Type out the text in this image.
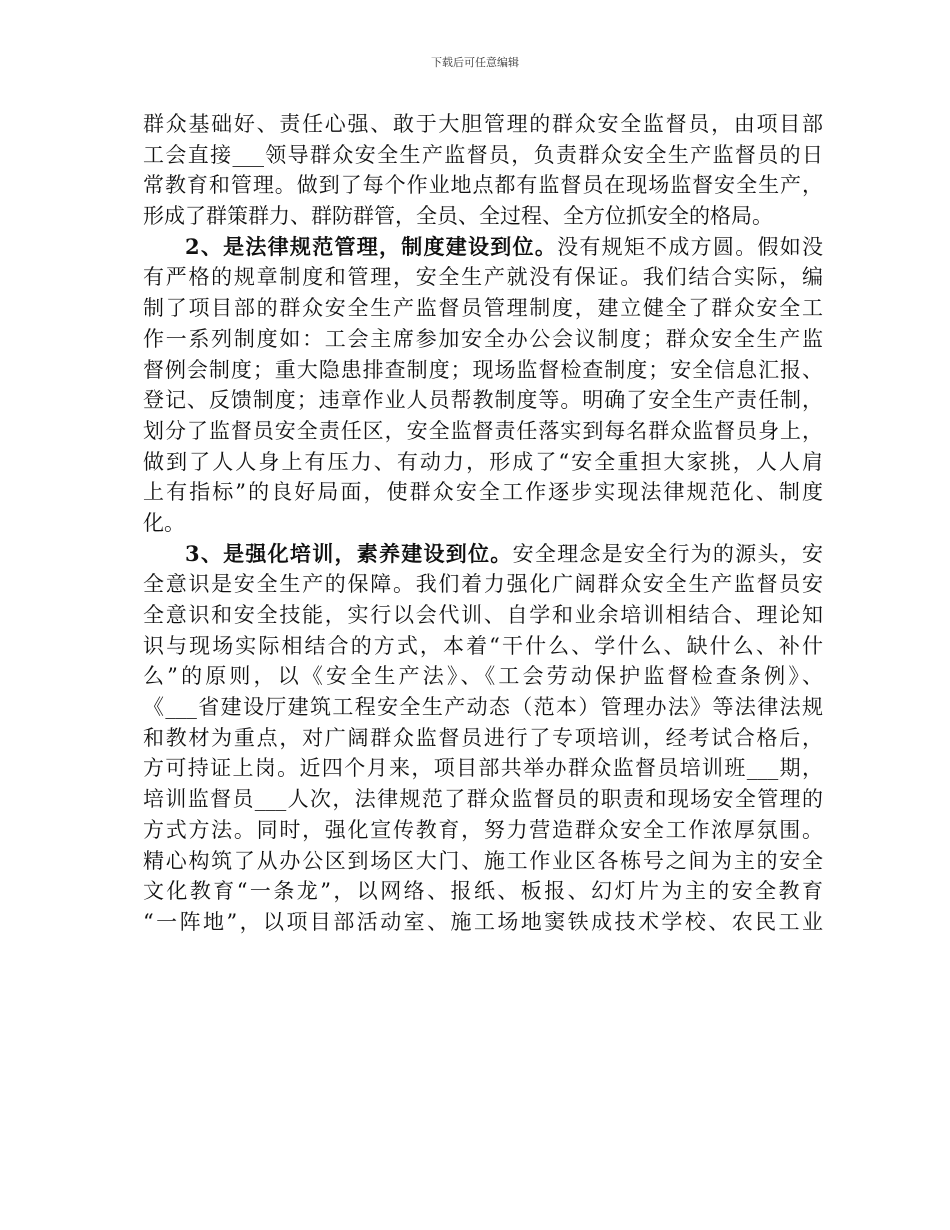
下载后可任意编辑
群众基础好、责任心强、敢于大胆管理的群众安全监督员，由项目部
工会直接___领导群众安全生产监督员，负责群众安全生产监督员的日
常教育和管理。做到了每个作业地点都有监督员在现场监督安全生产，
形成了群策群力、群防群管，全员、全过程、全方位抓安全的格局。
2、是法律规范管理，制度建设到位。没有规矩不成方圆。假如没
有严格的规章制度和管理，安全生产就没有保证。我们结合实际，编
制了项目部的群众安全生产监督员管理制度，建立健全了群众安全工
作一系列制度如：工会主席参加安全办公会议制度；群众安全生产监
督例会制度；重大隐患排查制度；现场监督检查制度；安全信息汇报、
登记、反馈制度；违章作业人员帮教制度等。明确了安全生产责任制，
划分了监督员安全责任区，安全监督责任落实到每名群众监督员身上，
做到了人人身上有压力、有动力，形成了“安全重担大家挑，人人肩
上有指标”的良好局面，使群众安全工作逐步实现法律规范化、制度
化。
3、是强化培训，素养建设到位。安全理念是安全行为的源头，安
全意识是安全生产的保障。我们着力强化广阔群众安全生产监督员安
全意识和安全技能，实行以会代训、自学和业余培训相结合、理论知
识与现场实际相结合的方式，本着“干什么、学什么、缺什么、补什
么”的原则，以《安全生产法》、《工会劳动保护监督检查条例》、
《___省建设厅建筑工程安全生产动态（范本）管理办法》等法律法规
和教材为重点，对广阔群众监督员进行了专项培训，经考试合格后，
方可持证上岗。近四个月来，项目部共举办群众监督员培训班___期，
培训监督员___人次，法律规范了群众监督员的职责和现场安全管理的
方式方法。同时，强化宣传教育，努力营造群众安全工作浓厚氛围。
精心构筑了从办公区到场区大门、施工作业区各栋号之间为主的安全
文化教育“一条龙”，以网络、报纸、板报、幻灯片为主的安全教育
“一阵地”，以项目部活动室、施工场地窦铁成技术学校、农民工业
